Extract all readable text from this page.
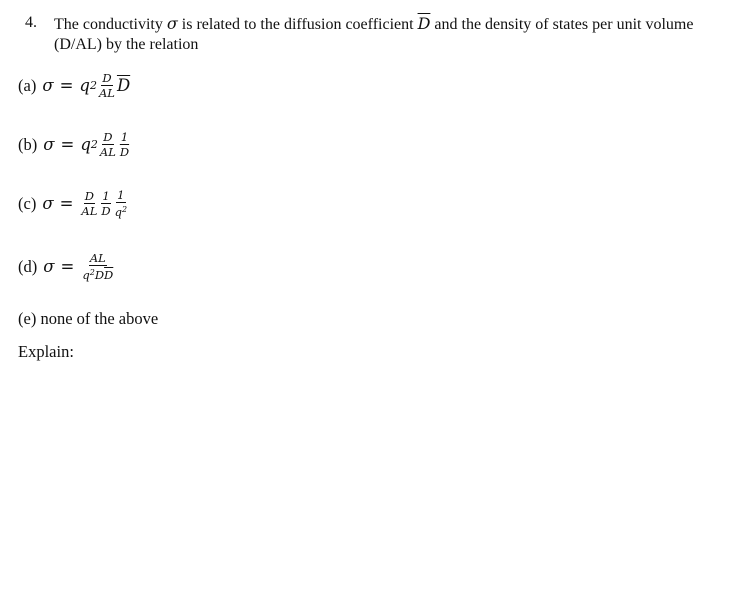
4. The conductivity σ is related to the diffusion coefficient $\overline{D}$ and the density of states per unit volume (D/AL) by the relation
(a) σ = q $2 \frac{D}{AL} \overline{D}$
(b) σ = q $2 \frac{D}{AL} \frac{1}{D}$
(c) $\sigma = \frac{D}{AL} \frac{1}{D} \frac{1}{q^2}$
(d) $\sigma = \frac{AL}{q^2D\overline{D}}$
(e) none of the above
Explain:
